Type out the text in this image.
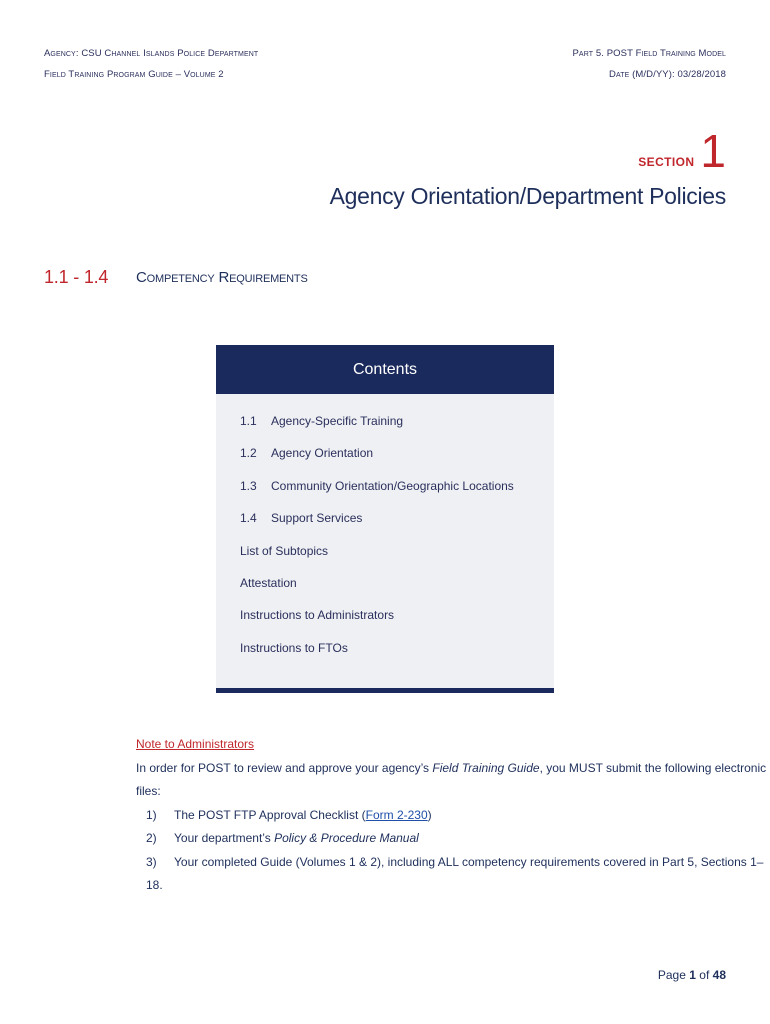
Agency: CSU Channel Islands Police Department
Field Training Program Guide – Volume 2
Part 5. POST Field Training Model
Date (M/D/YY): 03/28/2018
SECTION 1
Agency Orientation/Department Policies
1.1 - 1.4 Competency Requirements
Contents
1.1 Agency-Specific Training
1.2 Agency Orientation
1.3 Community Orientation/Geographic Locations
1.4 Support Services
List of Subtopics
Attestation
Instructions to Administrators
Instructions to FTOs
Note to Administrators
In order for POST to review and approve your agency’s Field Training Guide, you MUST submit the following electronic files:
1) The POST FTP Approval Checklist (Form 2-230)
2) Your department’s Policy & Procedure Manual
3) Your completed Guide (Volumes 1 & 2), including ALL competency requirements covered in Part 5, Sections 1–18.
Page 1 of 48
